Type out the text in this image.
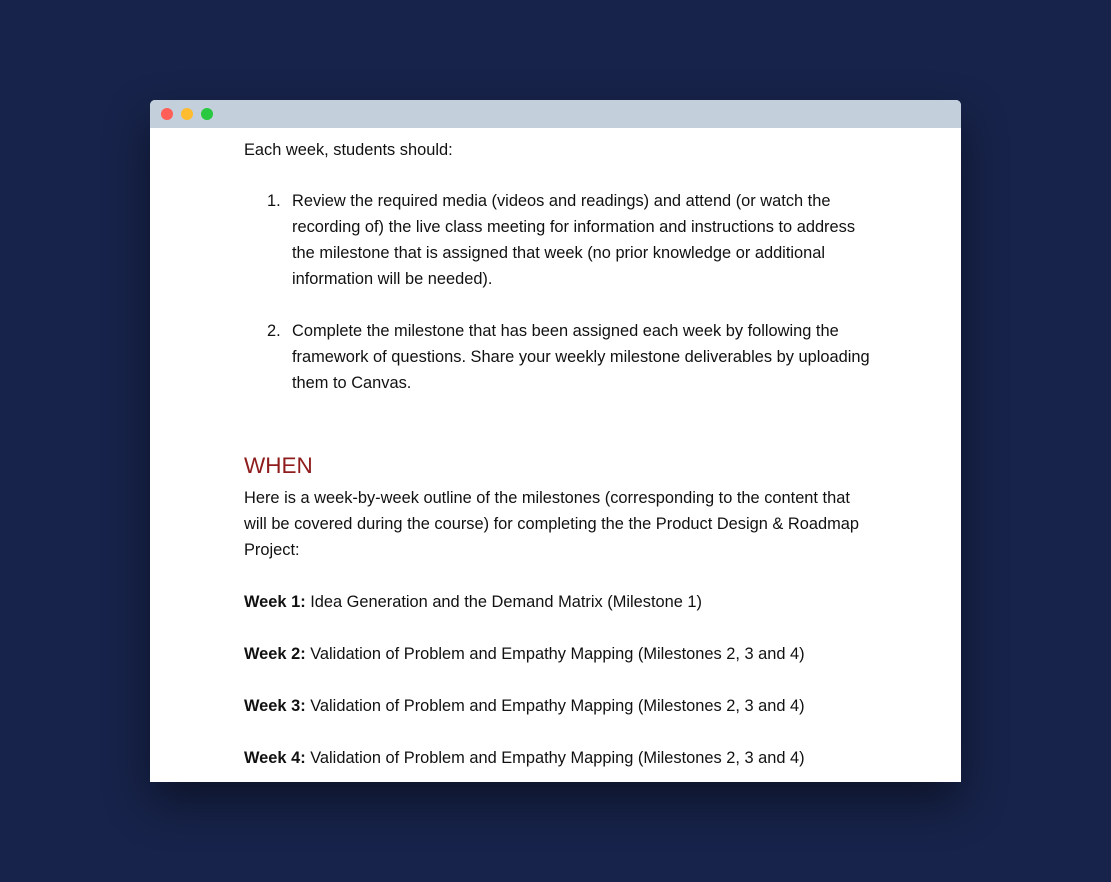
Each week, students should:
1. Review the required media (videos and readings) and attend (or watch the recording of) the live class meeting for information and instructions to address the milestone that is assigned that week (no prior knowledge or additional information will be needed).
2. Complete the milestone that has been assigned each week by following the framework of questions. Share your weekly milestone deliverables by uploading them to Canvas.
WHEN
Here is a week-by-week outline of the milestones (corresponding to the content that will be covered during the course) for completing the the Product Design & Roadmap Project:
Week 1: Idea Generation and the Demand Matrix (Milestone 1)
Week 2: Validation of Problem and Empathy Mapping (Milestones 2, 3 and 4)
Week 3: Validation of Problem and Empathy Mapping (Milestones 2, 3 and 4)
Week 4: Validation of Problem and Empathy Mapping (Milestones 2, 3 and 4)
